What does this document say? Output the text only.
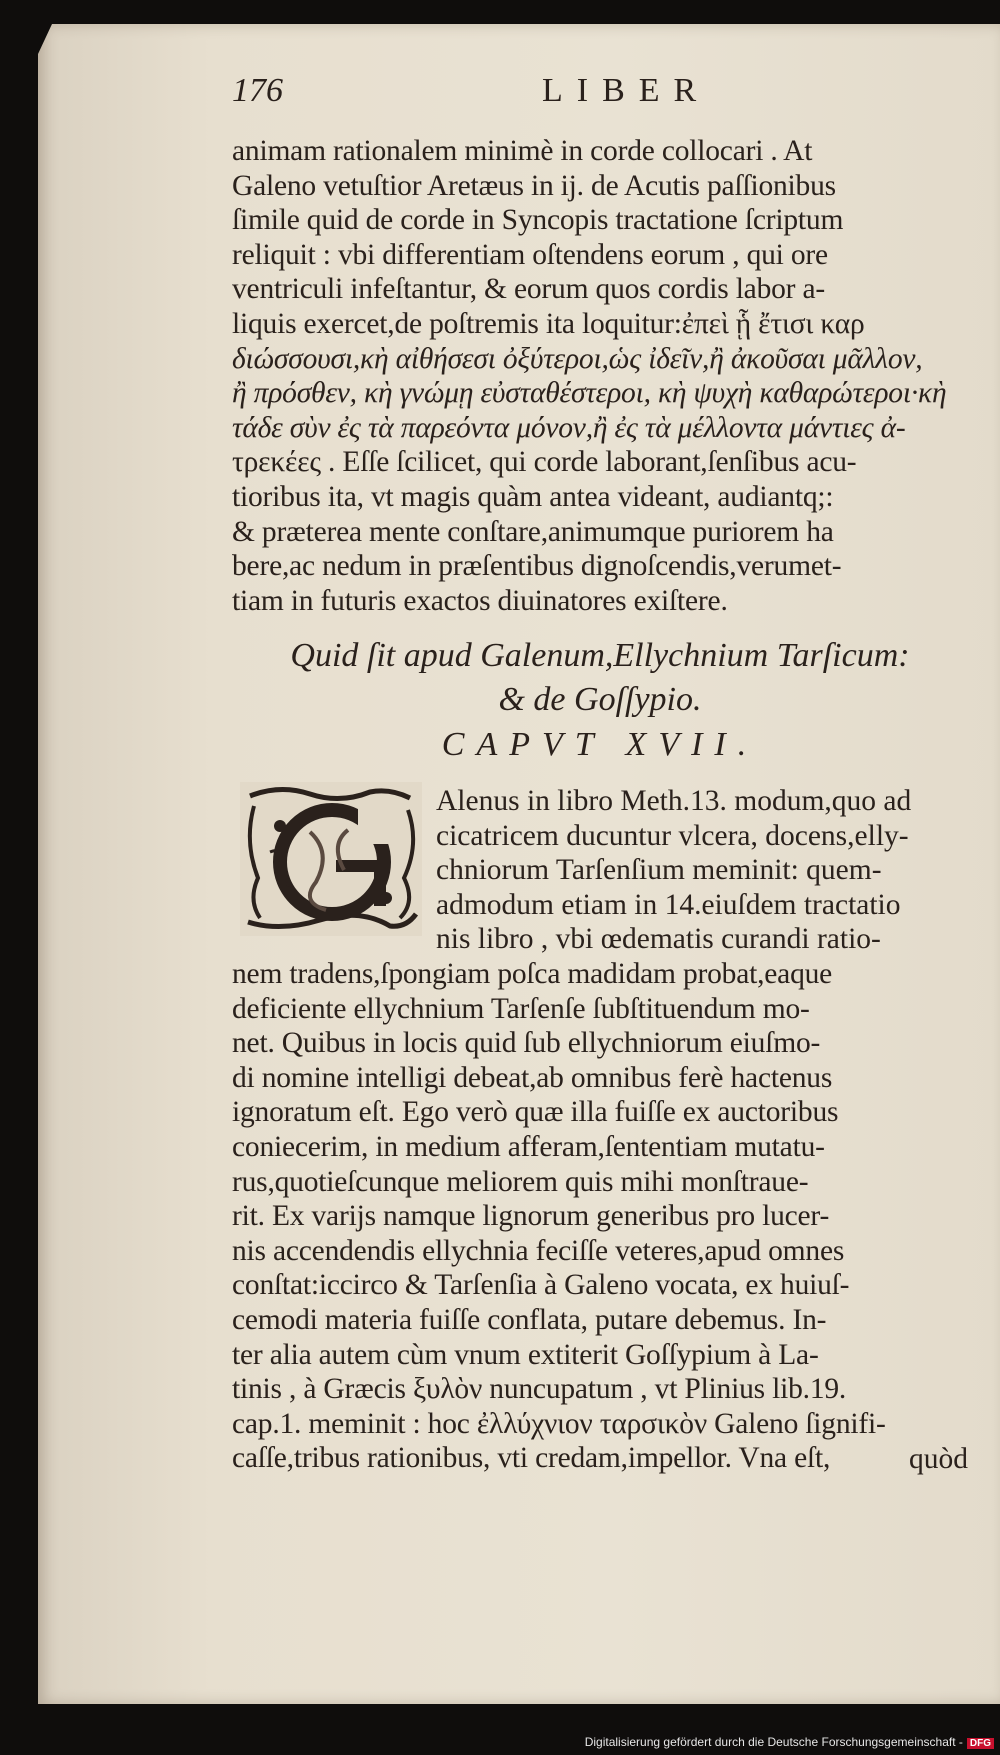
176	LIBER
animam rationalem minimè in corde collocari . At
Galeno vetuſtior Aretæus in ij. de Acutis paſſionibus
ſimile quid de corde in Syncopis tractatione ſcriptum
reliquit : vbi differentiam oſtendens eorum , qui ore
ventriculi infeſtantur, & eorum quos cordis labor a-
liquis exercet,de poſtremis ita loquitur:ἐπεὶ ᾗ ἔτισι καρ
διώσσουσι,κὴ αἰθήσεσι ὀξύτεροι,ὡς ἰδεῖν,ἢ ἀκοῦσαι μᾶλλον,
ἢ πρόσθεν, κὴ γνώμῃ εὐσταθέστεροι, κὴ ψυχὴ καθαρώτεροι·κὴ
τάδε σὺν ἐς τὰ παρεόντα μόνον,ἢ ἐς τὰ μέλλοντα μάντιες ἀ-
τρεκέες . Eſſe ſcilicet, qui corde laborant,ſenſibus acu-
tioribus ita, vt magis quàm antea videant, audiantq;:
& præterea mente conſtare,animumque puriorem ha
bere,ac nedum in præſentibus dignoſcendis,verumet-
tiam in futuris exactos diuinatores exiſtere.
Quid ſit apud Galenum,Ellychnium Tarſicum:
& de Goſſypio.
CAPVT XVII.
Alenus in libro Meth.13. modum,quo ad
cicatricem ducuntur vlcera, docens,elly-
chniorum Tarſenſium meminit: quem-
admodum etiam in 14.eiuſdem tractatio
nis libro , vbi œdematis curandi ratio-
nem tradens,ſpongiam poſca madidam probat,eaque
deficiente ellychnium Tarſenſe ſubſtituendum mo-
net. Quibus in locis quid ſub ellychniorum eiuſmo-
di nomine intelligi debeat,ab omnibus ferè hactenus
ignoratum eſt. Ego verò quæ illa fuiſſe ex auctoribus
coniecerim, in medium afferam,ſententiam mutatu-
rus,quotieſcunque meliorem quis mihi monſtraue-
rit. Ex varijs namque lignorum generibus pro lucer-
nis accendendis ellychnia feciſſe veteres,apud omnes
conſtat:iccirco & Tarſenſia à Galeno vocata, ex huiuſ-
cemodi materia fuiſſe conflata, putare debemus. In-
ter alia autem cùm vnum extiterit Goſſypium à La-
tinis , à Græcis ξυλὸν nuncupatum , vt Plinius lib.19.
cap.1. meminit : hoc ἐλλύχνιον ταρσικὸν Galeno ſignifi-
caſſe,tribus rationibus, vti credam,impellor. Vna eſt,	quòd
Digitalisierung gefördert durch die Deutsche Forschungsgemeinschaft - DFG
